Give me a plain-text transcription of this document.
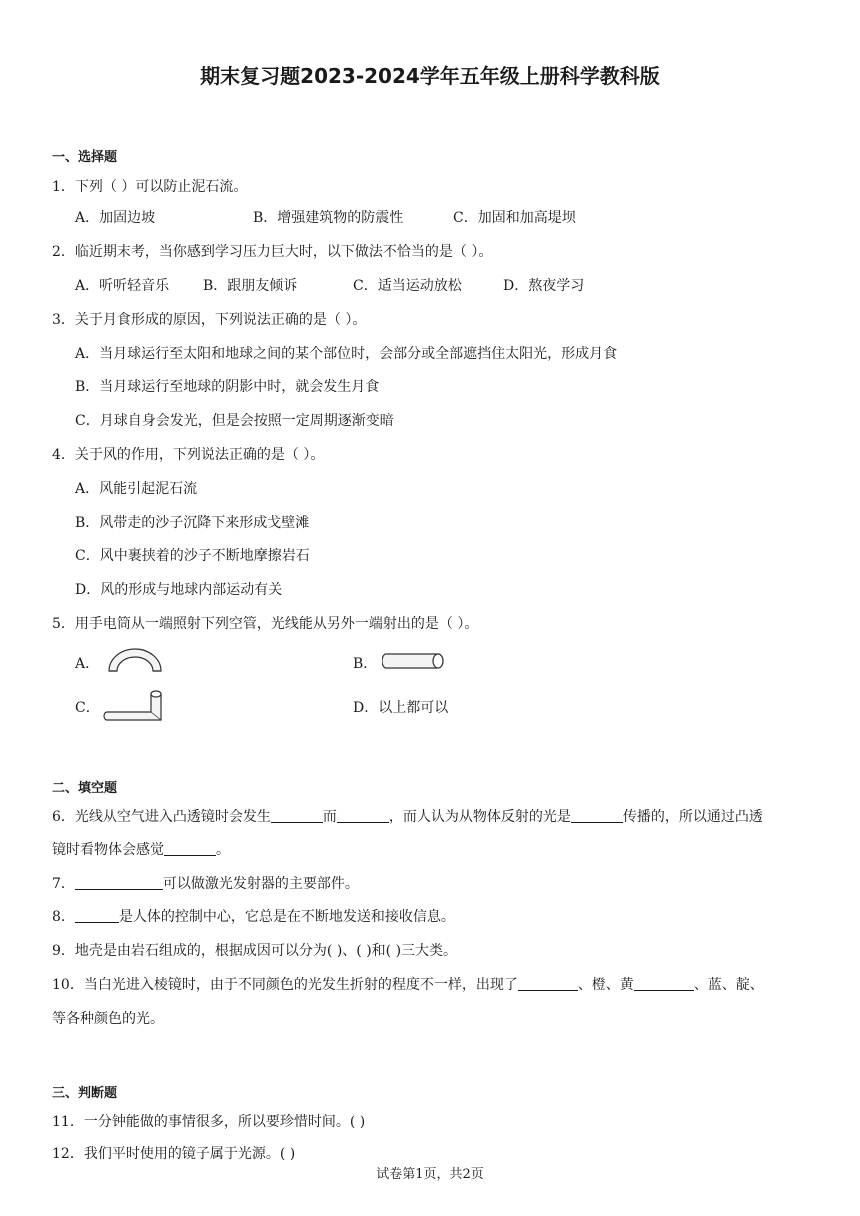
期末复习题2023-2024学年五年级上册科学教科版
一、选择题
1．下列（ ）可以防止泥石流。
A．加固边坡	B．增强建筑物的防震性	C．加固和加高堤坝
2．临近期末考，当你感到学习压力巨大时，以下做法不恰当的是（ ）。
A．听听轻音乐 B．跟朋友倾诉	C．适当运动放松	D．熬夜学习
3．关于月食形成的原因，下列说法正确的是（ ）。
A．当月球运行至太阳和地球之间的某个部位时，会部分或全部遮挡住太阳光，形成月食
B．当月球运行至地球的阴影中时，就会发生月食
C．月球自身会发光，但是会按照一定周期逐渐变暗
4．关于风的作用，下列说法正确的是（ ）。
A．风能引起泥石流
B．风带走的沙子沉降下来形成戈壁滩
C．风中裹挟着的沙子不断地摩擦岩石
D．风的形成与地球内部运动有关
5．用手电筒从一端照射下列空管，光线能从另外一端射出的是（ ）。
A．	B．
C．	D．以上都可以
二、填空题
6．光线从空气进入凸透镜时会发生	而	，而人认为从物体反射的光是	传播的，所以通过凸透
镜时看物体会感觉	。
7．	可以做激光发射器的主要部件。
8．	是人体的控制中心，它总是在不断地发送和接收信息。
9．地壳是由岩石组成的，根据成因可以分为( )、( )和( )三大类。
10．当白光进入棱镜时，由于不同颜色的光发生折射的程度不一样，出现了	、橙、黄	、蓝、靛、
等各种颜色的光。
三、判断题
11．一分钟能做的事情很多，所以要珍惜时间。( )
12．我们平时使用的镜子属于光源。( )
试卷第1页，共2页
